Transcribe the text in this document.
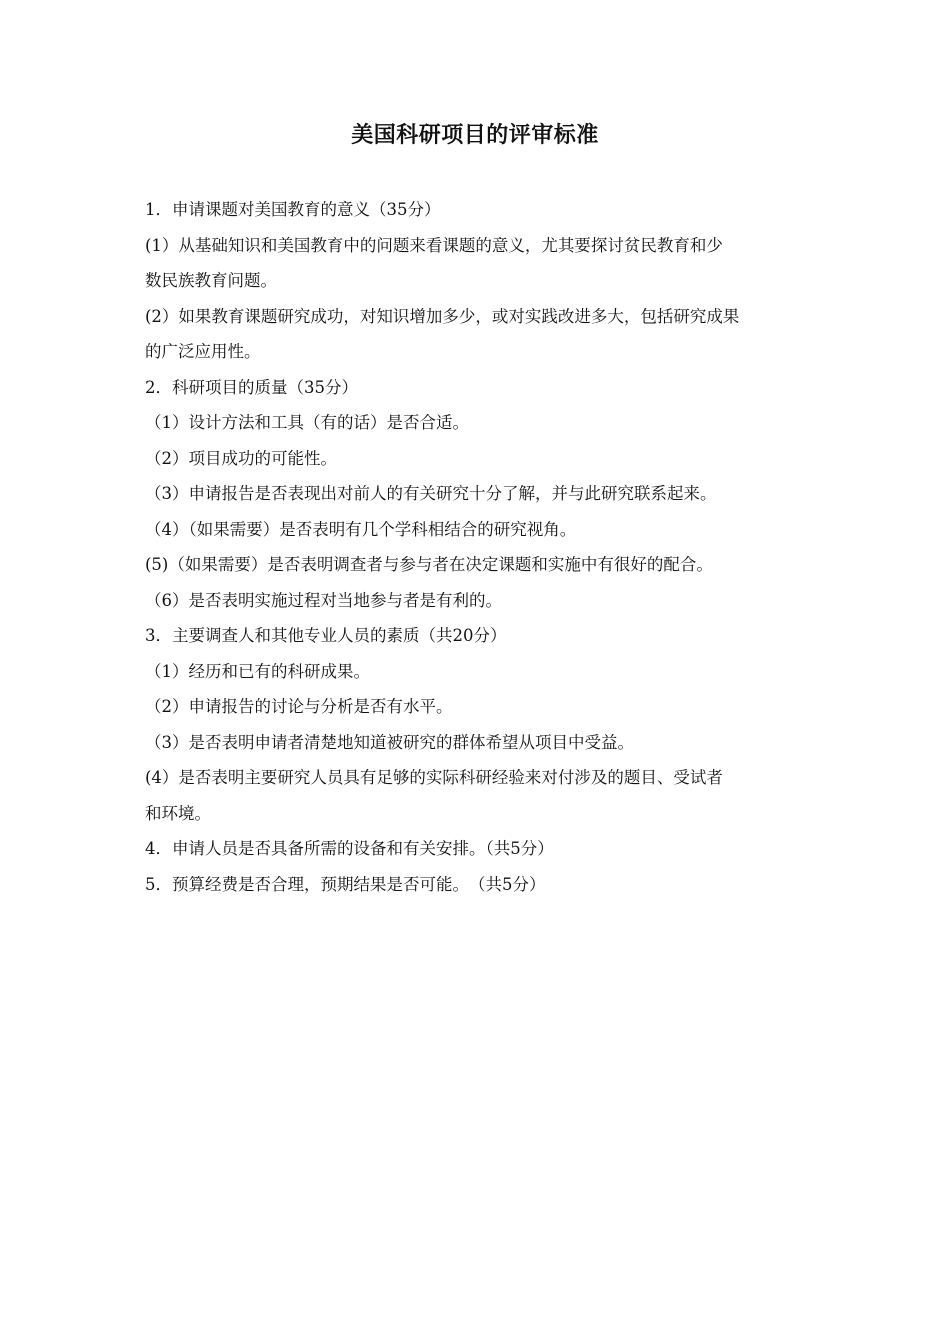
美国科研项目的评审标准
1．申请课题对美国教育的意义（35分）
(1）从基础知识和美国教育中的问题来看课题的意义，尤其要探讨贫民教育和少
数民族教育问题。
(2）如果教育课题研究成功，对知识增加多少，或对实践改进多大，包括研究成果
的广泛应用性。
2．科研项目的质量（35分）
（1）设计方法和工具（有的话）是否合适。
（2）项目成功的可能性。
（3）申请报告是否表现出对前人的有关研究十分了解，并与此研究联系起来。
（4）（如果需要）是否表明有几个学科相结合的研究视角。
(5)（如果需要）是否表明调查者与参与者在决定课题和实施中有很好的配合。
（6）是否表明实施过程对当地参与者是有利的。
3．主要调查人和其他专业人员的素质（共20分）
（1）经历和已有的科研成果。
（2）申请报告的讨论与分析是否有水平。
（3）是否表明申请者清楚地知道被研究的群体希望从项目中受益。
(4）是否表明主要研究人员具有足够的实际科研经验来对付涉及的题目、受试者
和环境。
4．申请人员是否具备所需的设备和有关安排。（共5分）
5．预算经费是否合理，预期结果是否可能。　（共5分）
